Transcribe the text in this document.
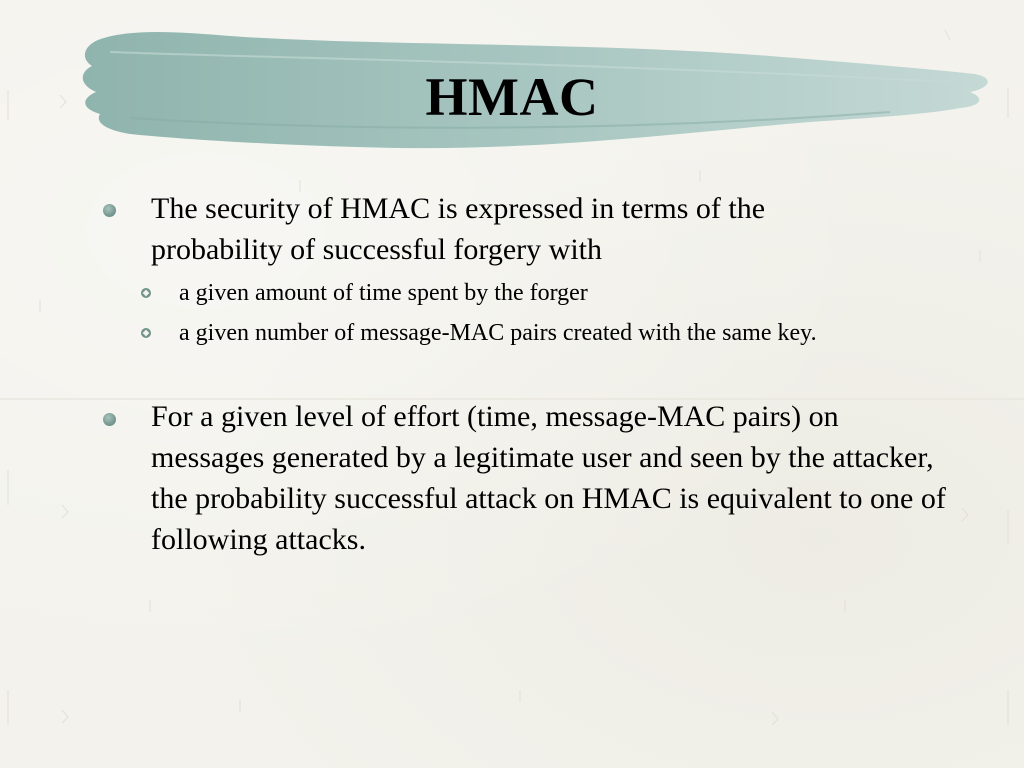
HMAC
The security of HMAC is expressed in terms of the probability of successful forgery with
a given amount of time spent by the forger
a given number of message-MAC pairs created with the same key.
For a given level of effort (time, message-MAC pairs) on messages generated by a legitimate user and seen by the attacker, the probability successful attack on HMAC is equivalent to one of following attacks.
